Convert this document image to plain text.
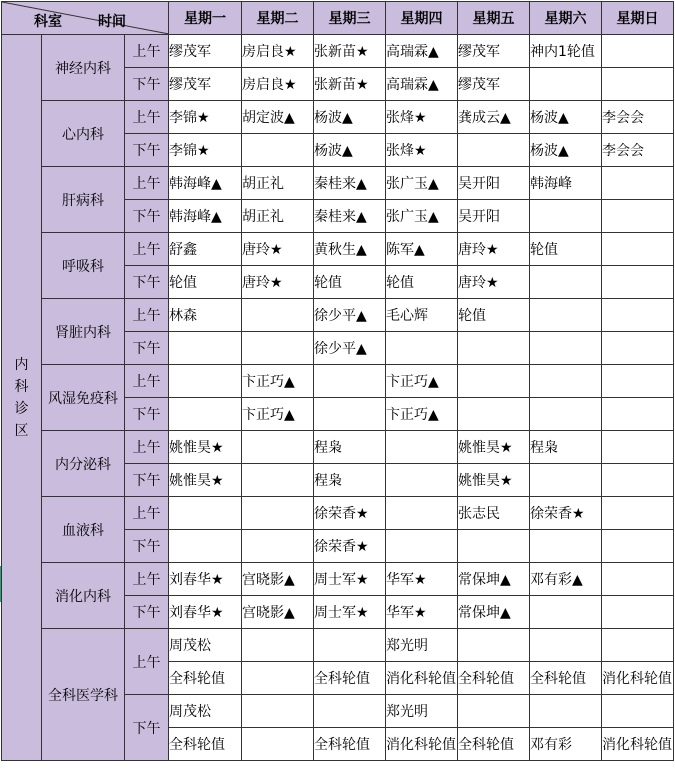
科室 时间			星期一	星期二	星期三	星期四	星期五	星期六	星期日

内
科
诊
区	神经内科	上午	缪茂军	房启良★	张新苗★	高瑞霖▲	缪茂军	神内1轮值	
		下午	缪茂军	房启良★	张新苗★	高瑞霖▲	缪茂军		
	心内科	上午	李锦★	胡定波▲	杨波▲	张烽★	龚成云▲	杨波▲	李会会
		下午	李锦★		杨波▲	张烽★		杨波▲	李会会
	肝病科	上午	韩海峰▲	胡正礼	秦桂来▲	张广玉▲	吴开阳	韩海峰	
		下午	韩海峰▲	胡正礼	秦桂来▲	张广玉▲	吴开阳		
	呼吸科	上午	舒鑫	唐玲★	黄秋生▲	陈军▲	唐玲★	轮值	
		下午	轮值	唐玲★	轮值	轮值	唐玲★		
	肾脏内科	上午	林森		徐少平▲	毛心辉	轮值		
		下午			徐少平▲				
	风湿免疫科	上午		卞正巧▲		卞正巧▲			
		下午		卞正巧▲		卞正巧▲			
	内分泌科	上午	姚惟昊★		程枭		姚惟昊★	程枭	
		下午	姚惟昊★		程枭		姚惟昊★		
	血液科	上午			徐荣香★		张志民	徐荣香★	
		下午			徐荣香★				
	消化内科	上午	刘春华★	宫晓影▲	周士军★	华军★	常保坤▲	邓有彩▲	
		下午	刘春华★	宫晓影▲	周士军★	华军★	常保坤▲		
	全科医学科	上午	周茂松			郑光明			
			全科轮值		全科轮值	消化科轮值	全科轮值	全科轮值	消化科轮值
		下午	周茂松			郑光明			
			全科轮值		全科轮值	消化科轮值	全科轮值	邓有彩	消化科轮值
